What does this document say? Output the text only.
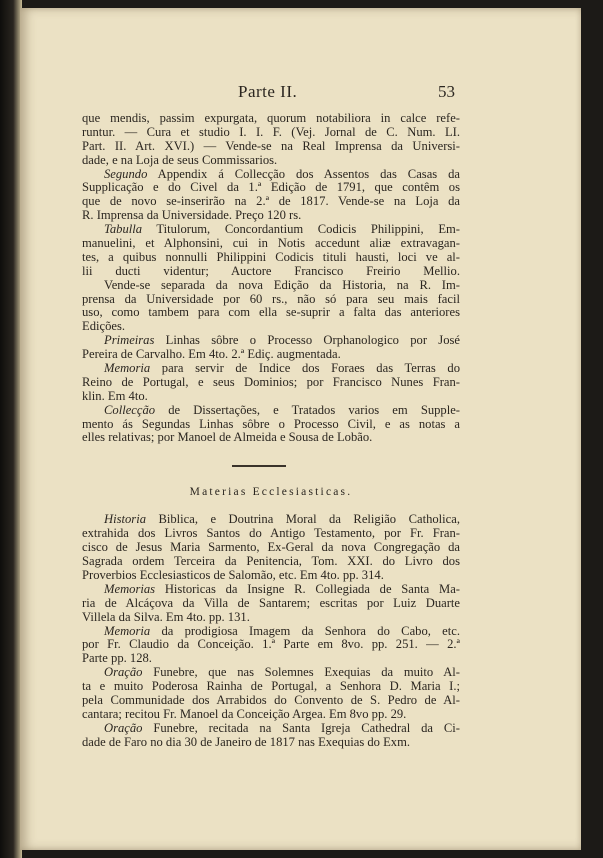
Parte II.	53
que mendis, passim expurgata, quorum notabiliora in calce refe-
runtur. — Cura et studio I. I. F. (Vej. Jornal de C. Num. LI.
Part. II. Art. XVI.) — Vende-se na Real Imprensa da Universi-
dade, e na Loja de seus Commissarios.
Segundo Appendix á Collecção dos Assentos das Casas da
Supplicação e do Civel da 1.ª Edição de 1791, que contêm os
que de novo se-inserirão na 2.ª de 1817. Vende-se na Loja da
R. Imprensa da Universidade. Preço 120 rs.
Tabulla Titulorum, Concordantium Codicis Philippini, Em-
manuelini, et Alphonsini, cui in Notis accedunt aliæ extravagan-
tes, a quibus nonnulli Philippini Codicis tituli hausti, loci ve al-
lii ducti videntur; Auctore Francisco Freirio Mellio.
Vende-se separada da nova Edição da Historia, na R. Im-
prensa da Universidade por 60 rs., não só para seu mais facil
uso, como tambem para com ella se-suprir a falta das anteriores
Edições.
Primeiras Linhas sôbre o Processo Orphanologico por José
Pereira de Carvalho. Em 4to. 2.ª Ediç. augmentada.
Memoria para servir de Indice dos Foraes das Terras do
Reino de Portugal, e seus Dominios; por Francisco Nunes Fran-
klin. Em 4to.
Collecção de Dissertações, e Tratados varios em Supple-
mento ás Segundas Linhas sôbre o Processo Civil, e as notas a
elles relativas; por Manoel de Almeida e Sousa de Lobão.
Materias Ecclesiasticas.
Historia Biblica, e Doutrina Moral da Religião Catholica,
extrahida dos Livros Santos do Antigo Testamento, por Fr. Fran-
cisco de Jesus Maria Sarmento, Ex-Geral da nova Congregação da
Sagrada ordem Terceira da Penitencia, Tom. XXI. do Livro dos
Proverbios Ecclesiasticos de Salomão, etc. Em 4to. pp. 314.
Memorias Historicas da Insigne R. Collegiada de Santa Ma-
ria de Alcáçova da Villa de Santarem; escritas por Luiz Duarte
Villela da Silva. Em 4to. pp. 131.
Memoria da prodigiosa Imagem da Senhora do Cabo, etc.
por Fr. Claudio da Conceição. 1.ª Parte em 8vo. pp. 251. — 2.ª
Parte pp. 128.
Oração Funebre, que nas Solemnes Exequias da muito Al-
ta e muito Poderosa Rainha de Portugal, a Senhora D. Maria I.;
pela Communidade dos Arrabidos do Convento de S. Pedro de Al-
cantara; recitou Fr. Manoel da Conceição Argea. Em 8vo pp. 29.
Oração Funebre, recitada na Santa Igreja Cathedral da Ci-
dade de Faro no dia 30 de Janeiro de 1817 nas Exequias do Exm.
